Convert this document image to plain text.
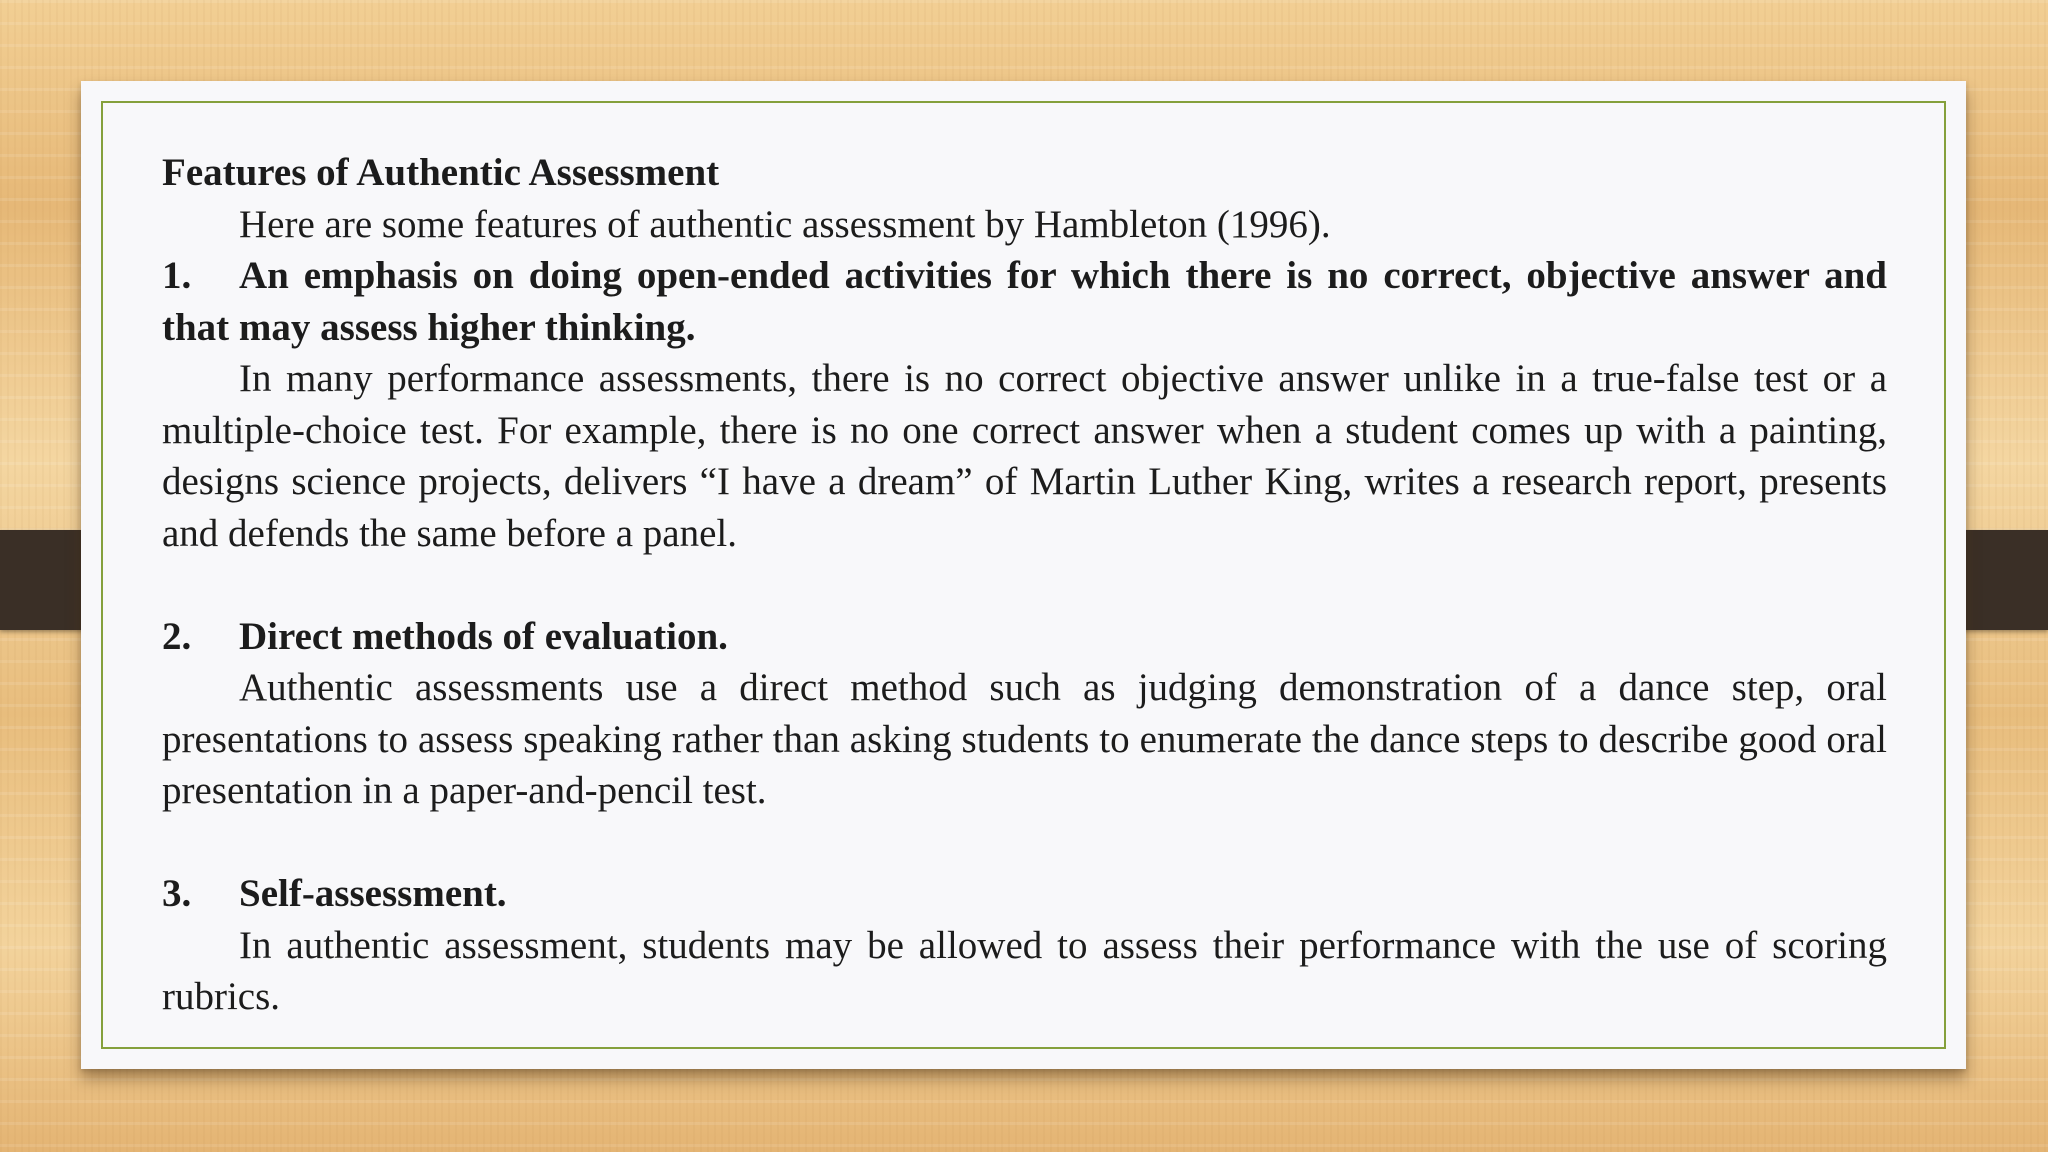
Features of Authentic Assessment

Here are some features of authentic assessment by Hambleton (1996).

1. An emphasis on doing open-ended activities for which there is no correct, objective answer and that may assess higher thinking.

In many performance assessments, there is no correct objective answer unlike in a true-false test or a multiple-choice test. For example, there is no one correct answer when a student comes up with a painting, designs science projects, delivers “I have a dream” of Martin Luther King, writes a research report, presents and defends the same before a panel.

2. Direct methods of evaluation.

Authentic assessments use a direct method such as judging demonstration of a dance step, oral presentations to assess speaking rather than asking students to enumerate the dance steps to describe good oral presentation in a paper-and-pencil test.

3. Self-assessment.

In authentic assessment, students may be allowed to assess their performance with the use of scoring rubrics.
